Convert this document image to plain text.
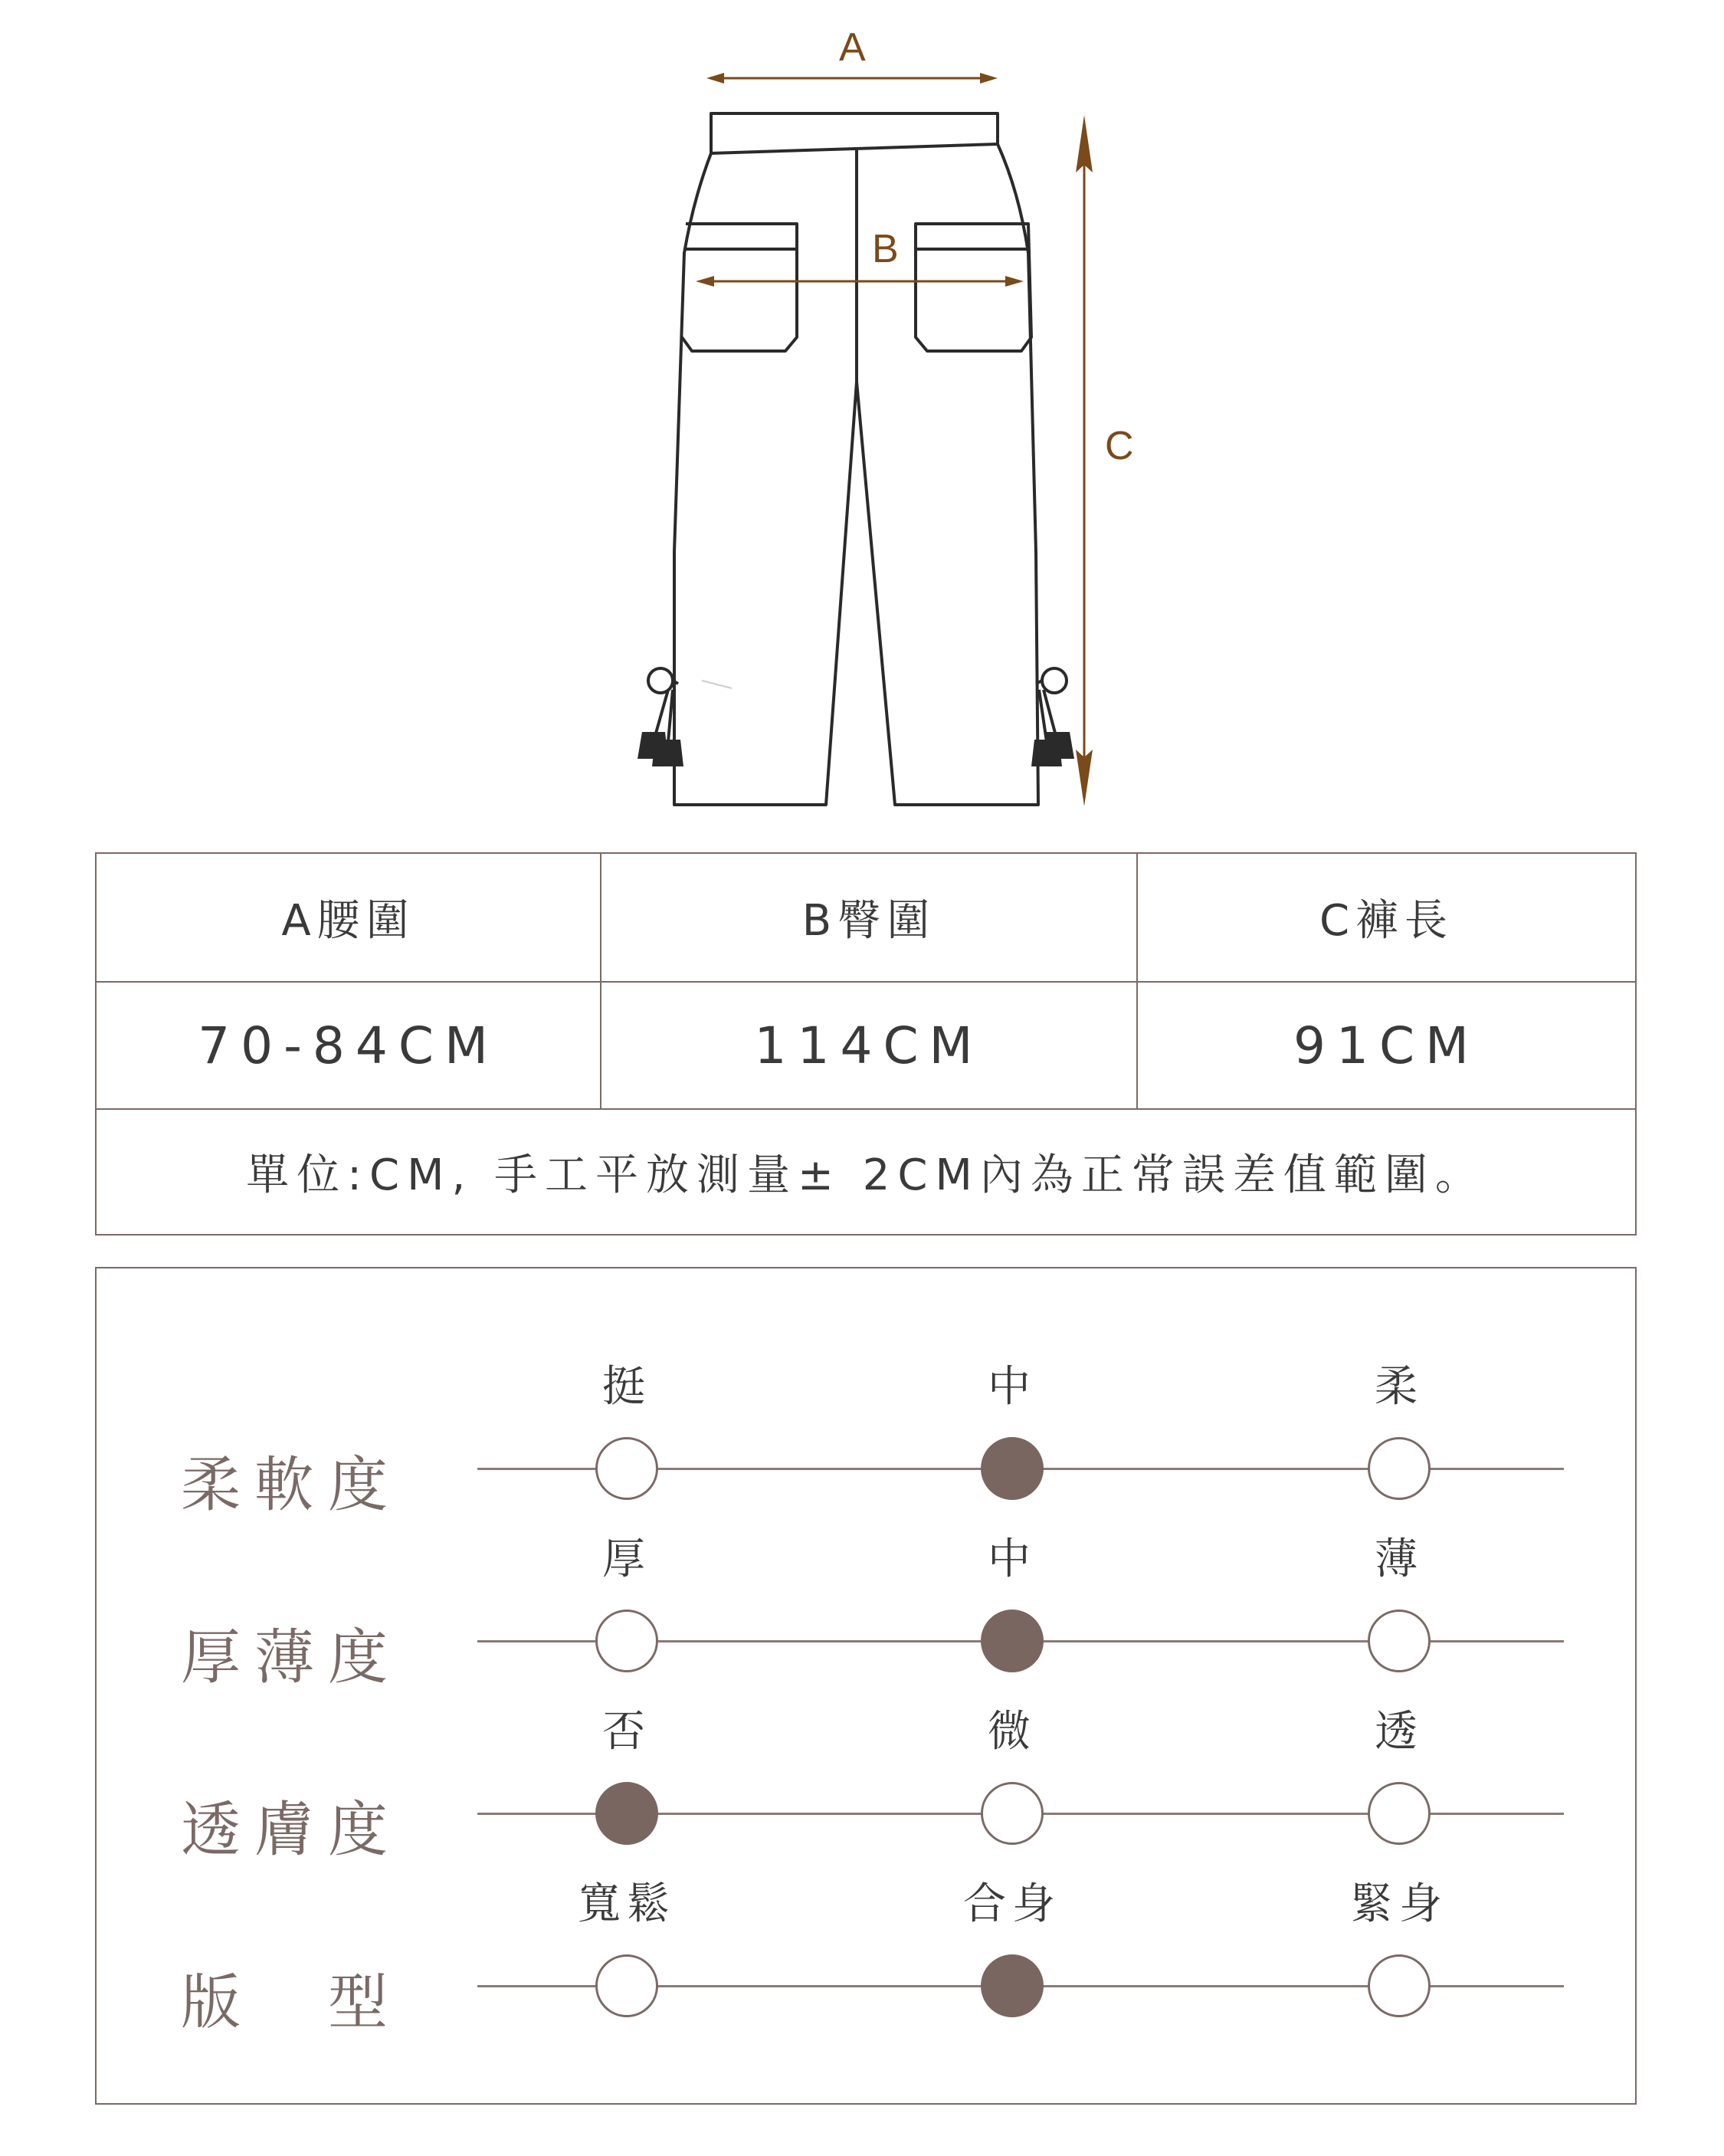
A
B
C
A腰圍	B臀圍	C褲長
70-84CM	114CM	91CM
單位:CM, 手工平放測量± 2CM內為正常誤差值範圍。
柔軟度
挺	中	柔
厚薄度
厚	中	薄
透膚度
否	微	透
版　型
寬鬆	合身	緊身
